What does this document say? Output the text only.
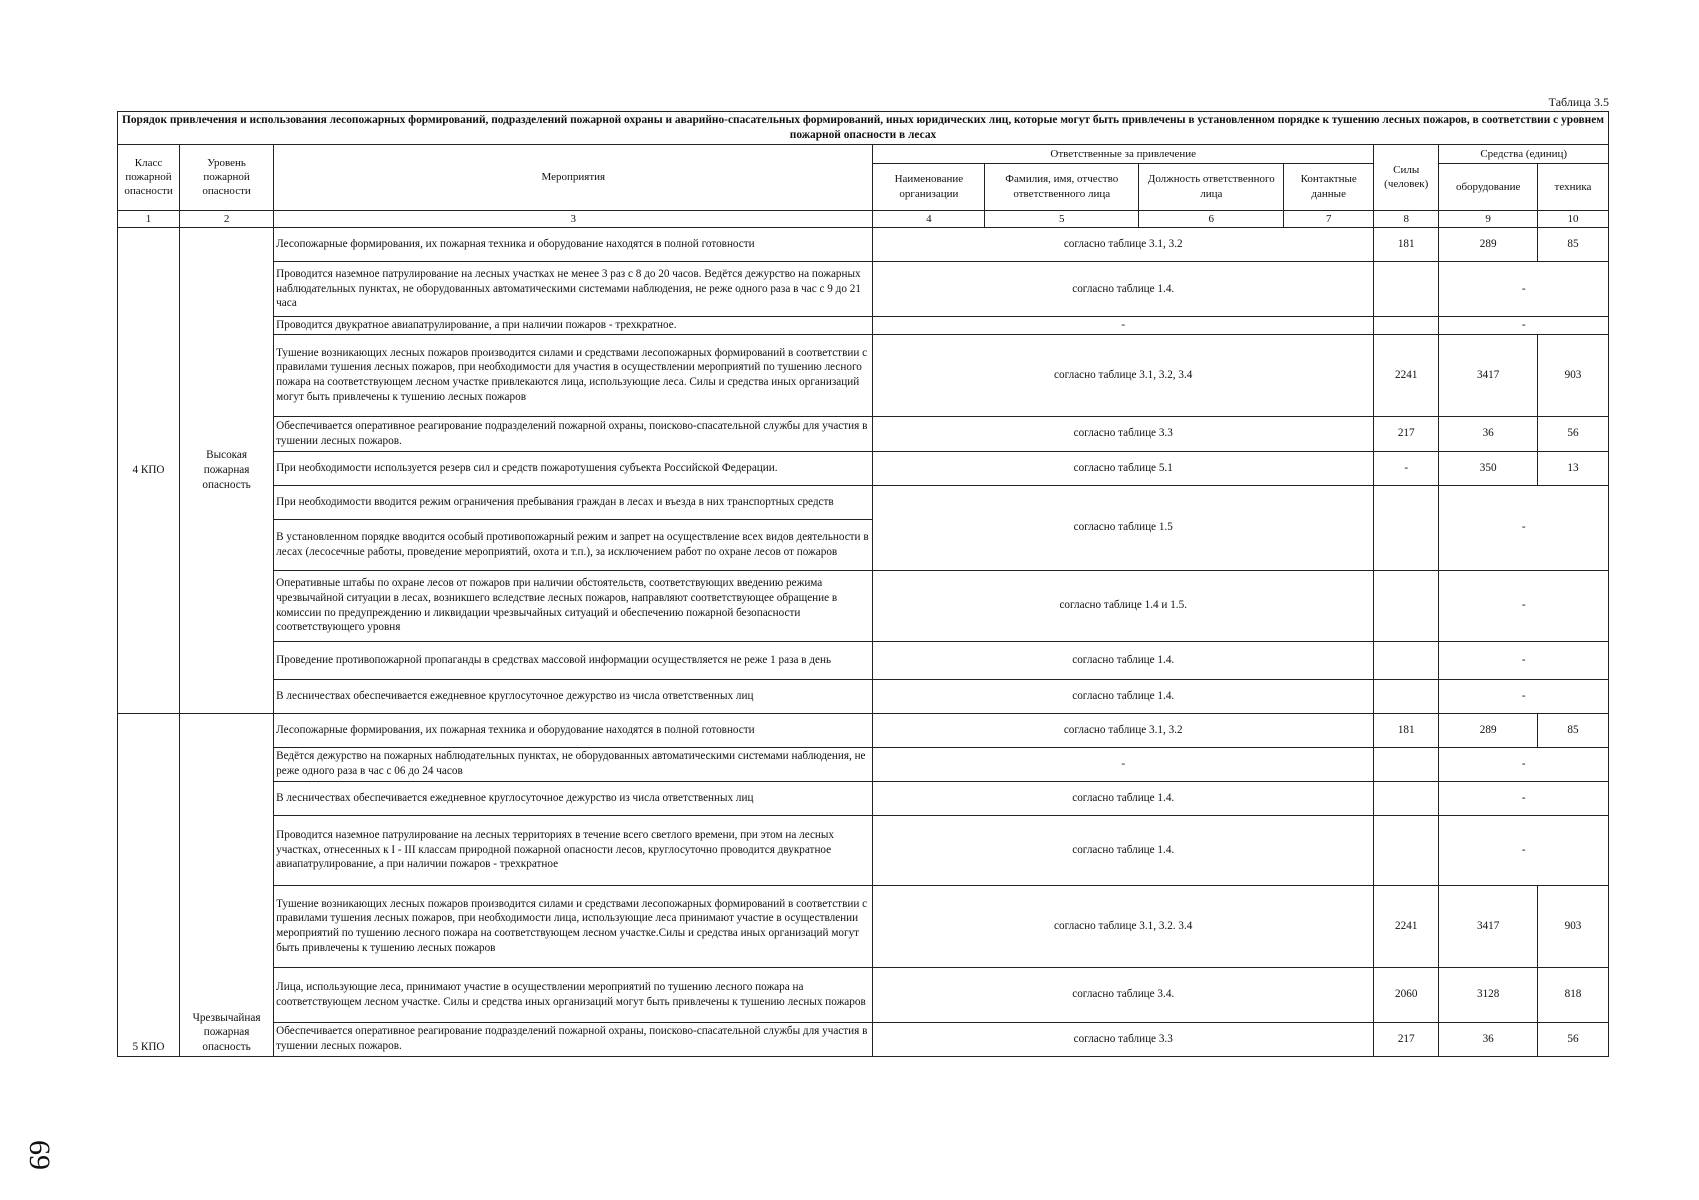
Таблица 3.5
Порядок привлечения и использования лесопожарных формирований, подразделений пожарной охраны и аварийно-спасательных формирований, иных юридических лиц, которые могут быть привлечены в установленном порядке к тушению лесных пожаров, в соответствии с уровнем пожарной опасности в лесах									
Класс пожарной опасности	Уровень пожарной опасности	Мероприятия	Ответственные за привлечение				Силы (человек)	Средства (единиц)	
			Наименование организации	Фамилия, имя, отчество ответственного лица	Должность ответственного лица	Контактные данные		оборудование	техника
1	2	3	4	5	6	7	8	9	10
4 КПО	Высокая пожарная опасность	Лесопожарные формирования, их пожарная техника и оборудование находятся в полной готовности	согласно таблице 3.1, 3.2				181	289	85
		Проводится наземное патрулирование на лесных участках не менее 3 раз с 8 до 20 часов. Ведётся дежурство на пожарных наблюдательных пунктах, не оборудованных автоматическими системами наблюдения, не реже одного раза в час с 9 до 21 часа	согласно таблице 1.4.					-	
		Проводится двукратное авиапатрулирование, а при наличии пожаров - трехкратное.	-					-	
		Тушение возникающих лесных пожаров производится силами и средствами лесопожарных формирований в соответствии с правилами тушения лесных пожаров, при необходимости для участия в осуществлении мероприятий по тушению лесного пожара на соответствующем лесном участке привлекаются лица, использующие леса. Силы и средства иных организаций могут быть привлечены к тушению лесных пожаров	согласно таблице 3.1, 3.2, 3.4				2241	3417	903
		Обеспечивается оперативное реагирование подразделений пожарной охраны, поисково-спасательной службы для участия в тушении лесных пожаров.	согласно таблице 3.3				217	36	56
		При необходимости используется резерв сил и средств пожаротушения субъекта Российской Федерации.	согласно таблице 5.1				-	350	13
		При необходимости вводится режим ограничения пребывания граждан в лесах и въезда в них транспортных средств	согласно таблице 1.5					-	
		В установленном порядке вводится особый противопожарный режим и запрет на осуществление всех видов деятельности в лесах (лесосечные работы, проведение мероприятий, охота и т.п.), за исключением работ по охране лесов от пожаров							
		Оперативные штабы по охране лесов от пожаров при наличии обстоятельств, соответствующих введению режима чрезвычайной ситуации в лесах, возникшего вследствие лесных пожаров, направляют соответствующее обращение в комиссии по предупреждению и ликвидации чрезвычайных ситуаций и обеспечению пожарной безопасности соответствующего уровня	согласно таблице 1.4 и 1.5.					-	
		Проведение противопожарной пропаганды в средствах массовой информации осуществляется не реже 1 раза в день	согласно таблице 1.4.					-	
		В лесничествах обеспечивается ежедневное круглосуточное дежурство из числа ответственных лиц	согласно таблице 1.4.					-	
5 КПО	Чрезвычайная пожарная опасность	Лесопожарные формирования, их пожарная техника и оборудование находятся в полной готовности	согласно таблице 3.1, 3.2				181	289	85
		Ведётся дежурство на пожарных наблюдательных пунктах, не оборудованных автоматическими системами наблюдения, не реже одного раза в час с 06 до 24 часов	-					-	
		В лесничествах обеспечивается ежедневное круглосуточное дежурство из числа ответственных лиц	согласно таблице 1.4.					-	
		Проводится наземное патрулирование на лесных территориях в течение всего светлого времени, при этом на лесных участках, отнесенных к I - III классам природной пожарной опасности лесов, круглосуточно проводится двукратное авиапатрулирование, а при наличии пожаров - трехкратное	согласно таблице 1.4.					-	
		Тушение возникающих лесных пожаров производится силами и средствами лесопожарных формирований в соответствии с правилами тушения лесных пожаров, при необходимости лица, использующие леса принимают участие в осуществлении мероприятий по тушению лесного пожара на соответствующем лесном участке.Силы и средства иных организаций могут быть привлечены к тушению лесных пожаров	согласно таблице 3.1, 3.2. 3.4				2241	3417	903
		Лица, использующие леса, принимают участие в осуществлении мероприятий по тушению лесного пожара на соответствующем лесном участке. Силы и средства иных организаций могут быть привлечены к тушению лесных пожаров	согласно таблице 3.4.				2060	3128	818
		Обеспечивается оперативное реагирование подразделений пожарной охраны, поисково-спасательной службы для участия в тушении лесных пожаров.	согласно таблице 3.3				217	36	56
69
